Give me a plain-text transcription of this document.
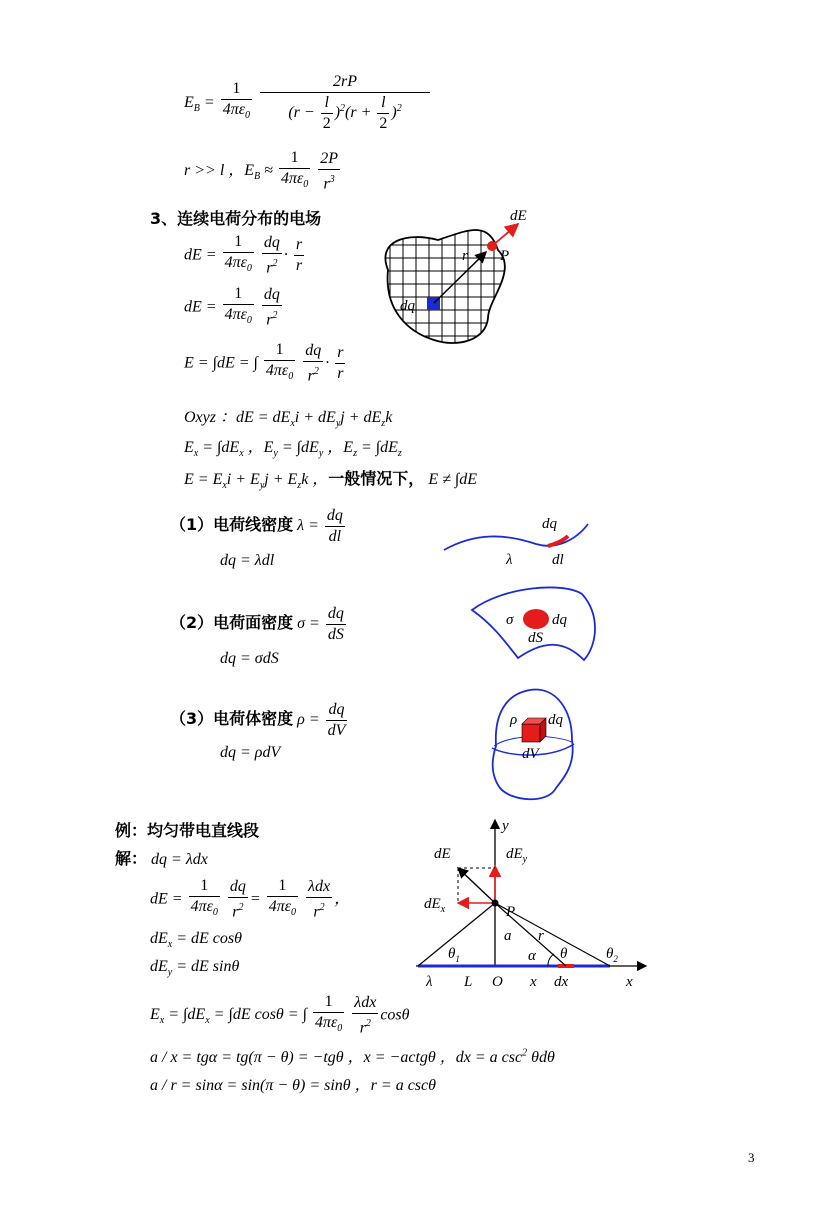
$E_B = \frac{1}{4\pi\varepsilon_0}$
$\frac{2rP}{(r - \frac{l}{2} )^2(r + \frac{l}{2} )^2}$
r >> l ，$E_B \approx \frac{1}{4\pi\varepsilon_0}$
$\frac{2P}{r^3}$
3、连续电荷分布的电场
dE = $\frac{1}{4\pi\varepsilon_0}$
$\frac{dq}{r^2} \cdot \frac{r}{r}$
dE = $\frac{1}{4\pi\varepsilon_0}$
$\frac{dq}{r^2}$
E = ∫dE = ∫ $\frac{1}{4\pi\varepsilon_0}$
$\frac{dq}{r^2} \cdot \frac{r}{r}$
Oxyz ：dE = $dE_xi + dE_yj + dE_zk$
$E_x = \int dE_x$ ，$E_y = \int dE_y$ ，$E_z = \int dE_z$
$E = E_xi + E_yj + E_zk$ ，一般情况下， E ≠ ∫dE
（1）电荷线密度 $\lambda = \frac{dq}{dl}$
dq = λdl
（2）电荷面密度 $\sigma = \frac{dq}{dS}$
dq = σdS
（3）电荷体密度 $\rho = \frac{dq}{dV}$
dq = ρdV
例：均匀带电直线段
解： dq = λdx
dE = $\frac{1}{4\pi\varepsilon_0}$
$\frac{dq}{r^2} = \frac{1}{4\pi\varepsilon_0}$
$\frac{\text{λdx}}{r^2}$ ，
$dE_x$ = dE cosθ
$dE_y$ = dE sinθ
$E_x = \int dE_x = \int dE$ cosθ = ∫ $\frac{1}{4\pi\varepsilon_0}$
$\frac{\text{λdx}}{r^2}$ cosθ
a / x = tgα = tg(π − θ) = −tgθ ，x = −actgθ ，dx = a $\csc^2 \theta d\theta$
a / r = sinα = sin(π − θ) = sinθ ，r = a cscθ
3
dE
r P
dq
dq
λ	dl
σ	dq
dS
ρ dq
dV
y
dE	$dE_y$
$dE_x$	P
a r
α θ
$\theta_1$	$\theta_2$
λ L O x dx	x
